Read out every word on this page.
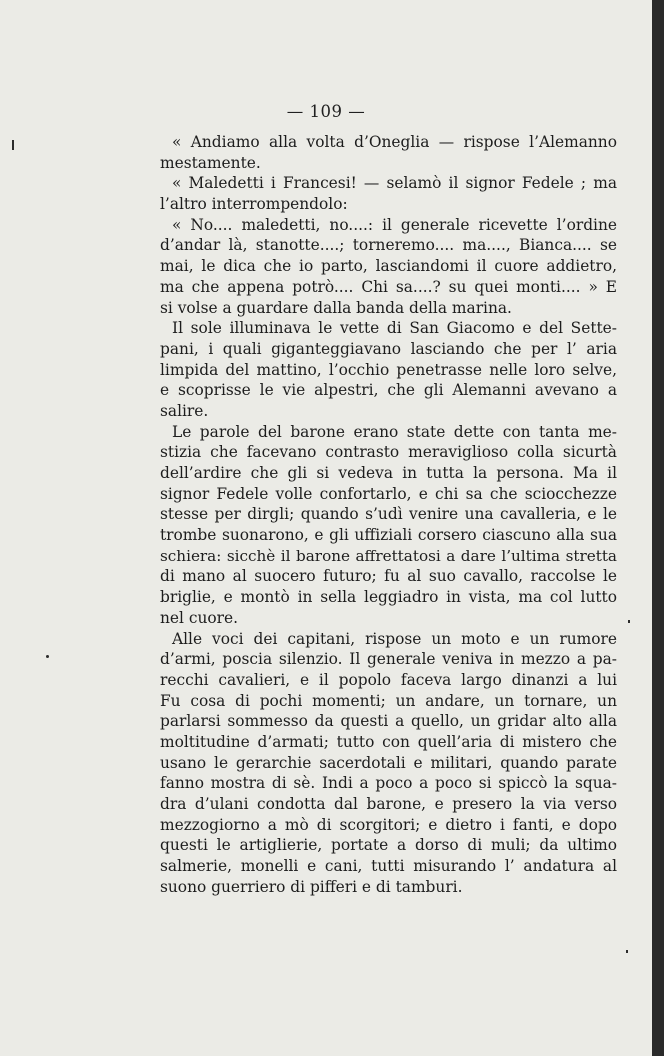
— 109 —
« Andiamo alla volta d’Oneglia — rispose l’Alemanno
mestamente.
« Maledetti i Francesi! — selamò il signor Fedele ; ma
l’altro interrompendolo:
« No.... maledetti, no....: il generale ricevette l’ordine
d’andar là, stanotte....; torneremo.... ma...., Bianca.... se
mai, le dica che io parto, lasciandomi il cuore addietro,
ma che appena potrò.... Chi sa....? su quei monti.... » E
si volse a guardare dalla banda della marina.
Il sole illuminava le vette di San Giacomo e del Sette-
pani, i quali giganteggiavano lasciando che per l’ aria
limpida del mattino, l’occhio penetrasse nelle loro selve,
e scoprisse le vie alpestri, che gli Alemanni avevano a
salire.
Le parole del barone erano state dette con tanta me-
stizia che facevano contrasto meraviglioso colla sicurtà
dell’ardire che gli si vedeva in tutta la persona. Ma il
signor Fedele volle confortarlo, e chi sa che sciocchezze
stesse per dirgli; quando s’udì venire una cavalleria, e le
trombe suonarono, e gli uffiziali corsero ciascuno alla sua
schiera: sicchè il barone affrettatosi a dare l’ultima stretta
di mano al suocero futuro; fu al suo cavallo, raccolse le
briglie, e montò in sella leggiadro in vista, ma col lutto
nel cuore.
Alle voci dei capitani, rispose un moto e un rumore
d’armi, poscia silenzio. Il generale veniva in mezzo a pa-
recchi cavalieri, e il popolo faceva largo dinanzi a lui
Fu cosa di pochi momenti; un andare, un tornare, un
parlarsi sommesso da questi a quello, un gridar alto alla
moltitudine d’armati; tutto con quell’aria di mistero che
usano le gerarchie sacerdotali e militari, quando parate
fanno mostra di sè. Indi a poco a poco si spiccò la squa-
dra d’ulani condotta dal barone, e presero la via verso
mezzogiorno a mò di scorgitori; e dietro i fanti, e dopo
questi le artiglierie, portate a dorso di muli; da ultimo
salmerie, monelli e cani, tutti misurando l’ andatura al
suono guerriero di pifferi e di tamburi.
